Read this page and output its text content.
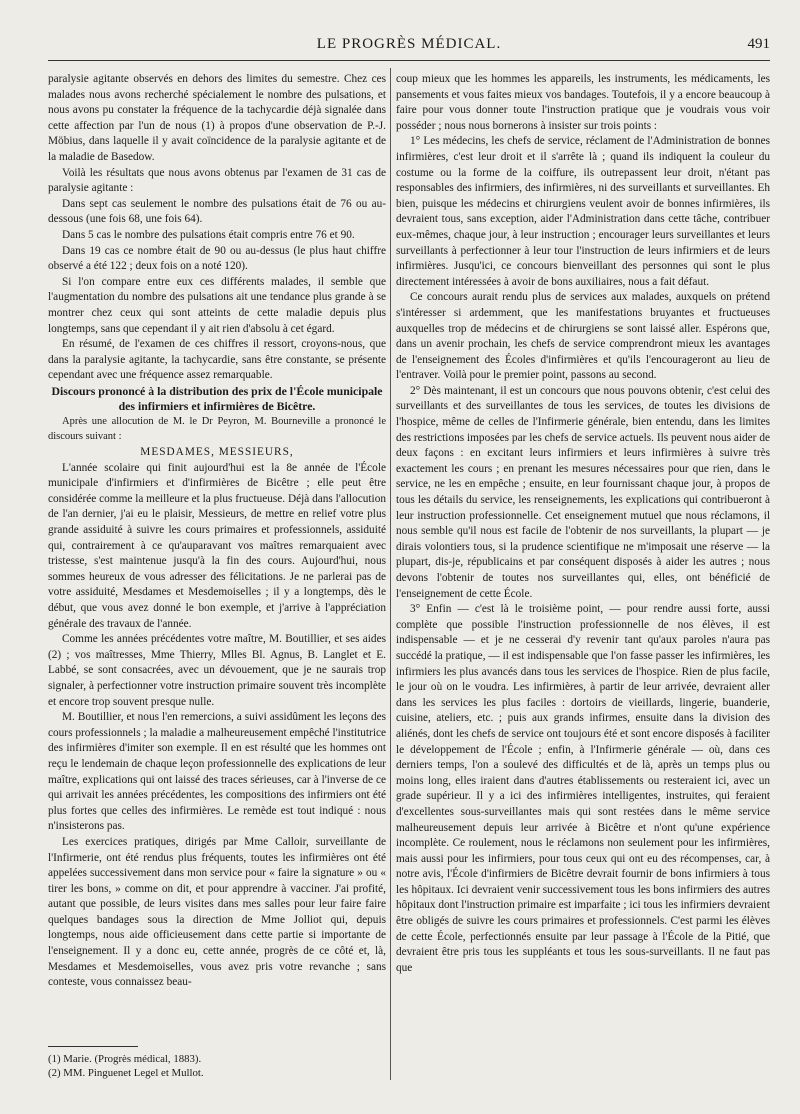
LE PROGRÈS MÉDICAL.	491

paralysie agitante observés en dehors des limites du semestre. Chez ces malades nous avons recherché spécialement le nombre des pulsations, et nous avons pu constater la fréquence de la tachycardie déjà signalée dans cette affection par l'un de nous (1) à propos d'une observation de P.-J. Möbius, dans laquelle il y avait coïncidence de la paralysie agitante et de la maladie de Basedow.

Voilà les résultats que nous avons obtenus par l'examen de 31 cas de paralysie agitante :

Dans sept cas seulement le nombre des pulsations était de 76 ou au-dessous (une fois 68, une fois 64).

Dans 5 cas le nombre des pulsations était compris entre 76 et 90.

Dans 19 cas ce nombre était de 90 ou au-dessus (le plus haut chiffre observé a été 122 ; deux fois on a noté 120).

Si l'on compare entre eux ces différents malades, il semble que l'augmentation du nombre des pulsations ait une tendance plus grande à se montrer chez ceux qui sont atteints de cette maladie depuis plus longtemps, sans que cependant il y ait rien d'absolu à cet égard.

En résumé, de l'examen de ces chiffres il ressort, croyons-nous, que dans la paralysie agitante, la tachycardie, sans être constante, se présente cependant avec une fréquence assez remarquable.

Discours prononcé à la distribution des prix de l'École municipale des infirmiers et infirmières de Bicêtre.

Après une allocution de M. le Dr Peyron, M. Bourneville a prononcé le discours suivant :

MESDAMES, MESSIEURS,

L'année scolaire qui finit aujourd'hui est la 8e année de l'École municipale d'infirmiers et d'infirmières de Bicêtre ; elle peut être considérée comme la meilleure et la plus fructueuse. Déjà dans l'allocution de l'an dernier, j'ai eu le plaisir, Messieurs, de mettre en relief votre plus grande assiduité à suivre les cours primaires et professionnels, assiduité qui, contrairement à ce qu'auparavant vos maîtres remarquaient avec tristesse, s'est maintenue jusqu'à la fin des cours. Aujourd'hui, nous sommes heureux de vous adresser des félicitations. Je ne parlerai pas de votre assiduité, Mesdames et Mesdemoiselles ; il y a longtemps, dès le début, que vous avez donné le bon exemple, et j'arrive à l'appréciation générale des travaux de l'année.

Comme les années précédentes votre maître, M. Boutillier, et ses aides (2) ; vos maîtresses, Mme Thierry, Mlles Bl. Agnus, B. Langlet et E. Labbé, se sont consacrées, avec un dévouement, que je ne saurais trop signaler, à perfectionner votre instruction primaire souvent très incomplète et encore trop souvent presque nulle.

M. Boutillier, et nous l'en remercions, a suivi assidûment les leçons des cours professionnels ; la maladie a malheureusement empêché l'institutrice des infirmières d'imiter son exemple. Il en est résulté que les hommes ont reçu le lendemain de chaque leçon professionnelle des explications de leur maître, explications qui ont laissé des traces sérieuses, car à l'inverse de ce qui arrivait les années précédentes, les compositions des infirmiers ont été plus fortes que celles des infirmières. Le remède est tout indiqué : nous n'insisterons pas.

Les exercices pratiques, dirigés par Mme Calloir, surveillante de l'Infirmerie, ont été rendus plus fréquents, toutes les infirmières ont été appelées successivement dans mon service pour « faire la signature » ou « tirer les bons, » comme on dit, et pour apprendre à vacciner. J'ai profité, autant que possible, de leurs visites dans mes salles pour leur faire faire quelques bandages sous la direction de Mme Jolliot qui, depuis longtemps, nous aide officieusement dans cette partie si importante de l'enseignement. Il y a donc eu, cette année, progrès de ce côté et, là, Mesdames et Mesdemoiselles, vous avez pris votre revanche ; sans conteste, vous connaissez beau-

coup mieux que les hommes les appareils, les instruments, les médicaments, les pansements et vous faites mieux vos bandages. Toutefois, il y a encore beaucoup à faire pour vous donner toute l'instruction pratique que je voudrais vous voir posséder ; nous nous bornerons à insister sur trois points :

1° Les médecins, les chefs de service, réclament de l'Administration de bonnes infirmières, c'est leur droit et il s'arrête là ; quand ils indiquent la couleur du costume ou la forme de la coiffure, ils outrepassent leur droit, n'étant pas responsables des infirmiers, des infirmières, ni des surveillants et surveillantes. Eh bien, puisque les médecins et chirurgiens veulent avoir de bonnes infirmières, ils devraient tous, sans exception, aider l'Administration dans cette tâche, contribuer eux-mêmes, chaque jour, à leur instruction ; encourager leurs surveillantes et leurs surveillants à perfectionner à leur tour l'instruction de leurs infirmiers et de leurs infirmières. Jusqu'ici, ce concours bienveillant des personnes qui sont le plus directement intéressées à avoir de bons auxiliaires, nous a fait défaut.

Ce concours aurait rendu plus de services aux malades, auxquels on prétend s'intéresser si ardemment, que les manifestations bruyantes et fructueuses auxquelles trop de médecins et de chirurgiens se sont laissé aller. Espérons que, dans un avenir prochain, les chefs de service comprendront mieux les avantages de l'enseignement des Écoles d'infirmières et qu'ils l'encourageront au lieu de l'entraver. Voilà pour le premier point, passons au second.

2° Dès maintenant, il est un concours que nous pouvons obtenir, c'est celui des surveillants et des surveillantes de tous les services, de toutes les divisions de l'hospice, même de celles de l'Infirmerie générale, bien entendu, dans les limites des restrictions imposées par les chefs de service actuels. Ils peuvent nous aider de deux façons : en excitant leurs infirmiers et leurs infirmières à suivre très exactement les cours ; en prenant les mesures nécessaires pour que rien, dans le service, ne les en empêche ; ensuite, en leur fournissant chaque jour, à propos de tous les détails du service, les renseignements, les explications qui contribueront à leur instruction professionnelle. Cet enseignement mutuel que nous réclamons, il nous semble qu'il nous est facile de l'obtenir de nos surveillants, la plupart — je dirais volontiers tous, si la prudence scientifique ne m'imposait une réserve — la plupart, dis-je, républicains et par conséquent disposés à aider les autres ; nous devons l'obtenir de toutes nos surveillantes qui, elles, ont bénéficié de l'enseignement de cette École.

3° Enfin — c'est là le troisième point, — pour rendre aussi forte, aussi complète que possible l'instruction professionnelle de nos élèves, il est indispensable — et je ne cesserai d'y revenir tant qu'aux paroles n'aura pas succédé la pratique, — il est indispensable que l'on fasse passer les infirmières, les infirmiers les plus avancés dans tous les services de l'hospice. Rien de plus facile, le jour où on le voudra. Les infirmières, à partir de leur arrivée, devraient aller dans les services les plus faciles : dortoirs de vieillards, lingerie, buanderie, cuisine, ateliers, etc. ; puis aux grands infirmes, ensuite dans la division des aliénés, dont les chefs de service ont toujours été et sont encore disposés à faciliter le développement de l'École ; enfin, à l'Infirmerie générale — où, dans ces derniers temps, l'on a soulevé des difficultés et de là, après un temps plus ou moins long, elles iraient dans d'autres établissements ou resteraient ici, avec un grade supérieur. Il y a ici des infirmières intelligentes, instruites, qui feraient d'excellentes sous-surveillantes mais qui sont restées dans le même service malheureusement depuis leur arrivée à Bicêtre et n'ont qu'une expérience incomplète. Ce roulement, nous le réclamons non seulement pour les infirmières, mais aussi pour les infirmiers, pour tous ceux qui ont eu des récompenses, car, à notre avis, l'École d'infirmiers de Bicêtre devrait fournir de bons infirmiers à tous les hôpitaux. Ici devraient venir successivement tous les bons infirmiers des autres hôpitaux dont l'instruction primaire est imparfaite ; ici tous les infirmiers devraient être obligés de suivre les cours primaires et professionnels. C'est parmi les élèves de cette École, perfectionnés ensuite par leur passage à l'École de la Pitié, que devraient être pris tous les suppléants et tous les sous-surveillants. Il ne faut pas que

(1) Marie. (Progrès médical, 1883).
(2) MM. Pinguenet Legel et Mullot.
